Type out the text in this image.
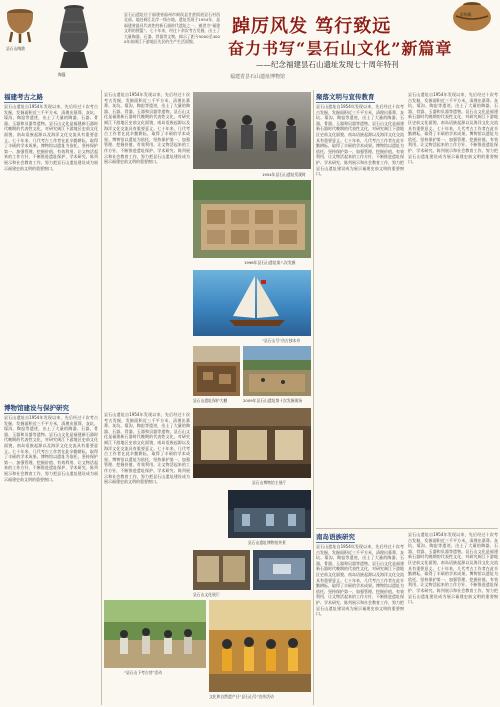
昙石山陶鼎
陶簋
昙石山遗址位于福建省福州市闽侯县甘蔗街道昙石村西北部，地处闽江北岸一级台地。遗址发现于1954年，是福建省最具代表性的新石器时代遗址之一，被誉为“福建文明的摇篮”。七十年来，经过十余次考古发掘，出土了大量陶器、石器、骨器等文物，揭示了距今5000至4000年前闽江下游地区先民的生产生活面貌。
踔厉风发 笃行致远
奋力书写“昙石山文化”新篇章
——纪念福建昙石山遗址发现七十周年特刊
福建省昙石山遗址博物馆
彩陶罐
福建考古之路
昙石山遗址自1954年发现以来，先后经过十次考古发掘，发掘面积近三千平方米，清理出墓葬、灰坑、壕沟、陶窑等遗迹，出土了大量的陶器、石器、骨器、玉器和贝器等遗物。昙石山文化是福建新石器时代晚期的代表性文化，对研究闽江下游地区史前文化面貌、南岛语族起源以及海洋文化交流具有重要意义。七十年来，几代考古工作者在此辛勤耕耘，取得了丰硕的学术成果。博物馆以遗址为依托，坚持保护第一、加强管理、挖掘价值、有效利用、让文物活起来的工作方针，不断推进遗址保护、学术研究、陈列展示和社会教育工作，努力把昙石山遗址建设成为展示福建史前文明的重要窗口。
博物馆建设与保护研究
昙石山遗址自1954年发现以来，先后经过十次考古发掘，发掘面积近三千平方米，清理出墓葬、灰坑、壕沟、陶窑等遗迹，出土了大量的陶器、石器、骨器、玉器和贝器等遗物。昙石山文化是福建新石器时代晚期的代表性文化，对研究闽江下游地区史前文化面貌、南岛语族起源以及海洋文化交流具有重要意义。七十年来，几代考古工作者在此辛勤耕耘，取得了丰硕的学术成果。博物馆以遗址为依托，坚持保护第一、加强管理、挖掘价值、有效利用、让文物活起来的工作方针，不断推进遗址保护、学术研究、陈列展示和社会教育工作，努力把昙石山遗址建设成为展示福建史前文明的重要窗口。
昙石山遗址自1954年发现以来，先后经过十次考古发掘，发掘面积近三千平方米，清理出墓葬、灰坑、壕沟、陶窑等遗迹，出土了大量的陶器、石器、骨器、玉器和贝器等遗物。昙石山文化是福建新石器时代晚期的代表性文化，对研究闽江下游地区史前文化面貌、南岛语族起源以及海洋文化交流具有重要意义。七十年来，几代考古工作者在此辛勤耕耘，取得了丰硕的学术成果。博物馆以遗址为依托，坚持保护第一、加强管理、挖掘价值、有效利用、让文物活起来的工作方针，不断推进遗址保护、学术研究、陈列展示和社会教育工作，努力把昙石山遗址建设成为展示福建史前文明的重要窗口。
昙石山遗址自1954年发现以来，先后经过十次考古发掘，发掘面积近三千平方米，清理出墓葬、灰坑、壕沟、陶窑等遗迹，出土了大量的陶器、石器、骨器、玉器和贝器等遗物。昙石山文化是福建新石器时代晚期的代表性文化，对研究闽江下游地区史前文化面貌、南岛语族起源以及海洋文化交流具有重要意义。七十年来，几代考古工作者在此辛勤耕耘，取得了丰硕的学术成果。博物馆以遗址为依托，坚持保护第一、加强管理、挖掘价值、有效利用、让文物活起来的工作方针，不断推进遗址保护、学术研究、陈列展示和社会教育工作，努力把昙石山遗址建设成为展示福建史前文明的重要窗口。
1954年昙石山遗址发现时
1996年昙石山遗址第八次发掘
“昙石山号”仿古独木舟
昙石山遗址保护大棚	2009年昙石山遗址第十次发掘现场
昙石山博物馆主展厅
昙石山遗址博物馆外景
昙石山文化展厅
“昙石山下考古营”活动
文化和自然遗产日“昙石山号”宣传活动
聚落文明与宣传教育
昙石山遗址自1954年发现以来，先后经过十次考古发掘，发掘面积近三千平方米，清理出墓葬、灰坑、壕沟、陶窑等遗迹，出土了大量的陶器、石器、骨器、玉器和贝器等遗物。昙石山文化是福建新石器时代晚期的代表性文化，对研究闽江下游地区史前文化面貌、南岛语族起源以及海洋文化交流具有重要意义。七十年来，几代考古工作者在此辛勤耕耘，取得了丰硕的学术成果。博物馆以遗址为依托，坚持保护第一、加强管理、挖掘价值、有效利用、让文物活起来的工作方针，不断推进遗址保护、学术研究、陈列展示和社会教育工作，努力把昙石山遗址建设成为展示福建史前文明的重要窗口。
昙石山遗址自1954年发现以来，先后经过十次考古发掘，发掘面积近三千平方米，清理出墓葬、灰坑、壕沟、陶窑等遗迹，出土了大量的陶器、石器、骨器、玉器和贝器等遗物。昙石山文化是福建新石器时代晚期的代表性文化，对研究闽江下游地区史前文化面貌、南岛语族起源以及海洋文化交流具有重要意义。七十年来，几代考古工作者在此辛勤耕耘，取得了丰硕的学术成果。博物馆以遗址为依托，坚持保护第一、加强管理、挖掘价值、有效利用、让文物活起来的工作方针，不断推进遗址保护、学术研究、陈列展示和社会教育工作，努力把昙石山遗址建设成为展示福建史前文明的重要窗口。
南岛语族研究
昙石山遗址自1954年发现以来，先后经过十次考古发掘，发掘面积近三千平方米，清理出墓葬、灰坑、壕沟、陶窑等遗迹，出土了大量的陶器、石器、骨器、玉器和贝器等遗物。昙石山文化是福建新石器时代晚期的代表性文化，对研究闽江下游地区史前文化面貌、南岛语族起源以及海洋文化交流具有重要意义。七十年来，几代考古工作者在此辛勤耕耘，取得了丰硕的学术成果。博物馆以遗址为依托，坚持保护第一、加强管理、挖掘价值、有效利用、让文物活起来的工作方针，不断推进遗址保护、学术研究、陈列展示和社会教育工作，努力把昙石山遗址建设成为展示福建史前文明的重要窗口。
昙石山遗址自1954年发现以来，先后经过十次考古发掘，发掘面积近三千平方米，清理出墓葬、灰坑、壕沟、陶窑等遗迹，出土了大量的陶器、石器、骨器、玉器和贝器等遗物。昙石山文化是福建新石器时代晚期的代表性文化，对研究闽江下游地区史前文化面貌、南岛语族起源以及海洋文化交流具有重要意义。七十年来，几代考古工作者在此辛勤耕耘，取得了丰硕的学术成果。博物馆以遗址为依托，坚持保护第一、加强管理、挖掘价值、有效利用、让文物活起来的工作方针，不断推进遗址保护、学术研究、陈列展示和社会教育工作，努力把昙石山遗址建设成为展示福建史前文明的重要窗口。
